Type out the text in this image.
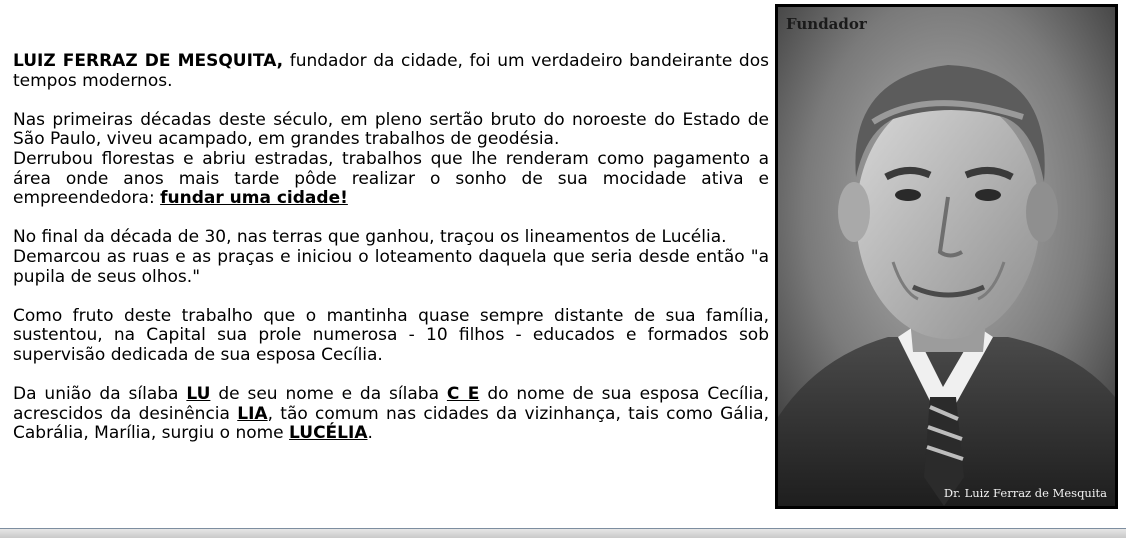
LUIZ FERRAZ DE MESQUITA, fundador da cidade, foi um verdadeiro bandeirante dos tempos modernos.

Nas primeiras décadas deste século, em pleno sertão bruto do noroeste do Estado de São Paulo, viveu acampado, em grandes trabalhos de geodésia.
Derrubou florestas e abriu estradas, trabalhos que lhe renderam como pagamento a área onde anos mais tarde pôde realizar o sonho de sua mocidade ativa e empreendedora: fundar uma cidade!

No final da década de 30, nas terras que ganhou, traçou os lineamentos de Lucélia.
Demarcou as ruas e as praças e iniciou o loteamento daquela que seria desde então "a pupila de seus olhos."

Como fruto deste trabalho que o mantinha quase sempre distante de sua família, sustentou, na Capital sua prole numerosa - 10 filhos - educados e formados sob supervisão dedicada de sua esposa Cecília.

Da união da sílaba LU de seu nome e da sílaba C E do nome de sua esposa Cecília, acrescidos da desinência LIA, tão comum nas cidades da vizinhança, tais como Gália, Cabrália, Marília, surgiu o nome LUCÉLIA.

Fundador
Dr. Luiz Ferraz de Mesquita
